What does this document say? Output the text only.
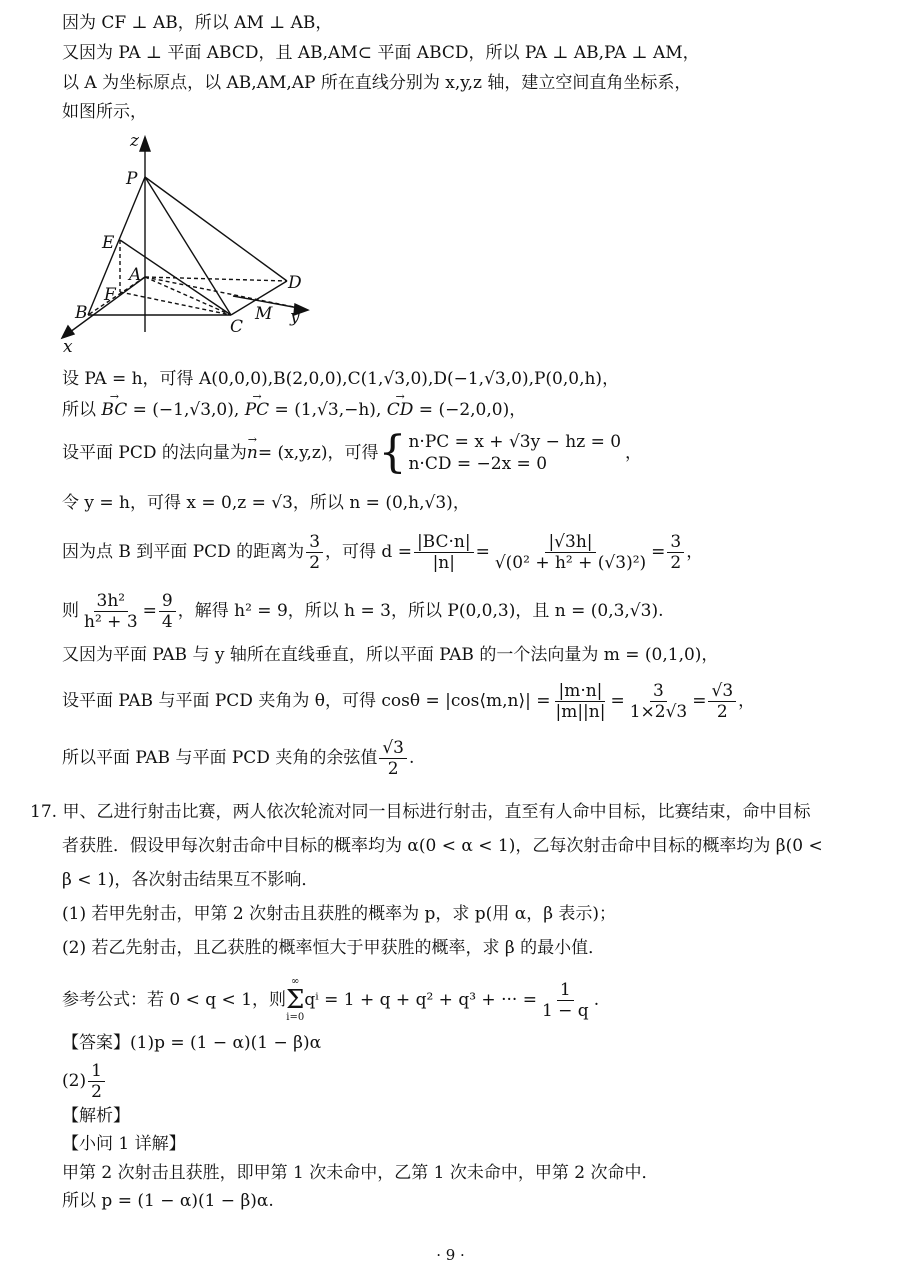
因为 CF ⊥ AB，所以 AM ⊥ AB，
又因为 PA ⊥ 平面 ABCD，且 AB,AM⊂ 平面 ABCD，所以 PA ⊥ AB,PA ⊥ AM，
以 A 为坐标原点，以 AB,AM,AP 所在直线分别为 x,y,z 轴，建立空间直角坐标系，
如图所示，
z
P
E
A	D
F
B	M y
C
x
设 PA = h，可得 A(0,0,0),B(2,0,0),C(1,√3,0),D(−1,√3,0),P(0,0,h)，
所以 → BC = (−1,√3,0), → PC = (1,√3,−h), → CD = (−2,0,0)，
设平面 PCD 的法向量为
→ n = (x,y,z)，可得 { n·PC = x + √3y − hz = 0
n·CD = −2x = 0
，
令 y = h，可得 x = 0,z = √3，所以 n = (0,h,√3)，
因为点 B 到平面 PCD 的距离为 $\frac{3}{2}$ ，可得 $d = \frac{|BC\cdot n|}{|n|} = \frac{|√3h|}{\text{√(0² + h² + (√3)²)}} = \frac{3}{2}$ ，
则 $\frac{\text{3h²}}{\text{h² + 3}} = \frac{9}{4}$ ，解得 h² = 9，所以 h = 3，所以 P(0,0,3)，且 n = (0,3,√3).
又因为平面 PAB 与 y 轴所在直线垂直，所以平面 PAB 的一个法向量为 m = (0,1,0)，
设平面 PAB 与平面 PCD 夹角为 θ，可得 cosθ = |cos⟨m,n⟩| = $\frac{|m\cdot n|}{|m||n|} = \frac{3}{1\times 2√3} = \frac{√3}{2}$ ，
所以平面 PAB 与平面 PCD 夹角的余弦值 $\frac{√3}{2}$ .
17. 甲、乙进行射击比赛，两人依次轮流对同一目标进行射击，直至有人命中目标，比赛结束，命中目标
者获胜．假设甲每次射击命中目标的概率均为 α(0 < α < 1)，乙每次射击命中目标的概率均为 β(0 <
β < 1)，各次射击结果互不影响．
(1) 若甲先射击，甲第 2 次射击且获胜的概率为 p，求 p(用 α，β 表示)；
(2) 若乙先射击，且乙获胜的概率恒大于甲获胜的概率，求 β 的最小值．
参考公式：若 0 < q < 1，则
∞
Σ
i=0
qⁱ = 1 + q + q² + q³ + ··· = $\frac{1}{1 - q}$ .
【答案】(1)p = (1 − α)(1 − β)α
$(2) \frac{1}{2}$
【解析】
【小问 1 详解】
甲第 2 次射击且获胜，即甲第 1 次未命中，乙第 1 次未命中，甲第 2 次命中．
所以 p = (1 − α)(1 − β)α.
· 9 ·
